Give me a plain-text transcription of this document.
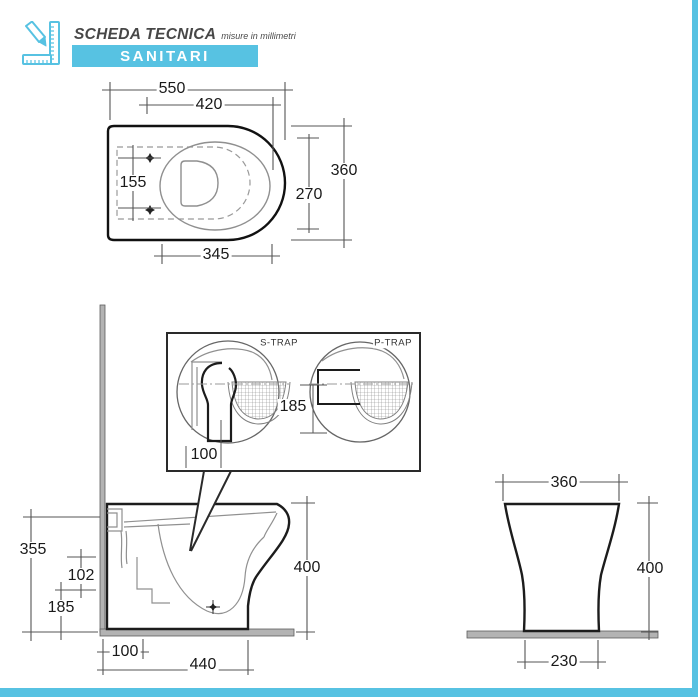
SCHEDA TECNICA misure in millimetri
SANITARI
550
420
155
345
360
270
S-TRAP	P-TRAP
185
100
355
102
185
100
440
400
360
400
230
